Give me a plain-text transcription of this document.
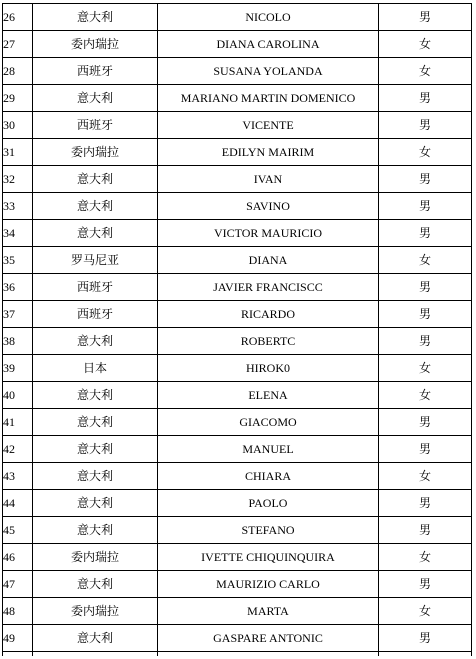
26	意大利	NICOLO	男
27	委内瑞拉	DIANA CAROLINA	女
28	西班牙	SUSANA YOLANDA	女
29	意大利	MARIANO MARTIN DOMENICO	男
30	西班牙	VICENTE	男
31	委内瑞拉	EDILYN MAIRIM	女
32	意大利	IVAN	男
33	意大利	SAVINO	男
34	意大利	VICTOR MAURICIO	男
35	罗马尼亚	DIANA	女
36	西班牙	JAVIER FRANCISCC	男
37	西班牙	RICARDO	男
38	意大利	ROBERTC	男
39	日本	HIROK0	女
40	意大利	ELENA	女
41	意大利	GIACOMO	男
42	意大利	MANUEL	男
43	意大利	CHIARA	女
44	意大利	PAOLO	男
45	意大利	STEFANO	男
46	委内瑞拉	IVETTE CHIQUINQUIRA	女
47	意大利	MAURIZIO CARLO	男
48	委内瑞拉	MARTA	女
49	意大利	GASPARE ANTONIC	男
